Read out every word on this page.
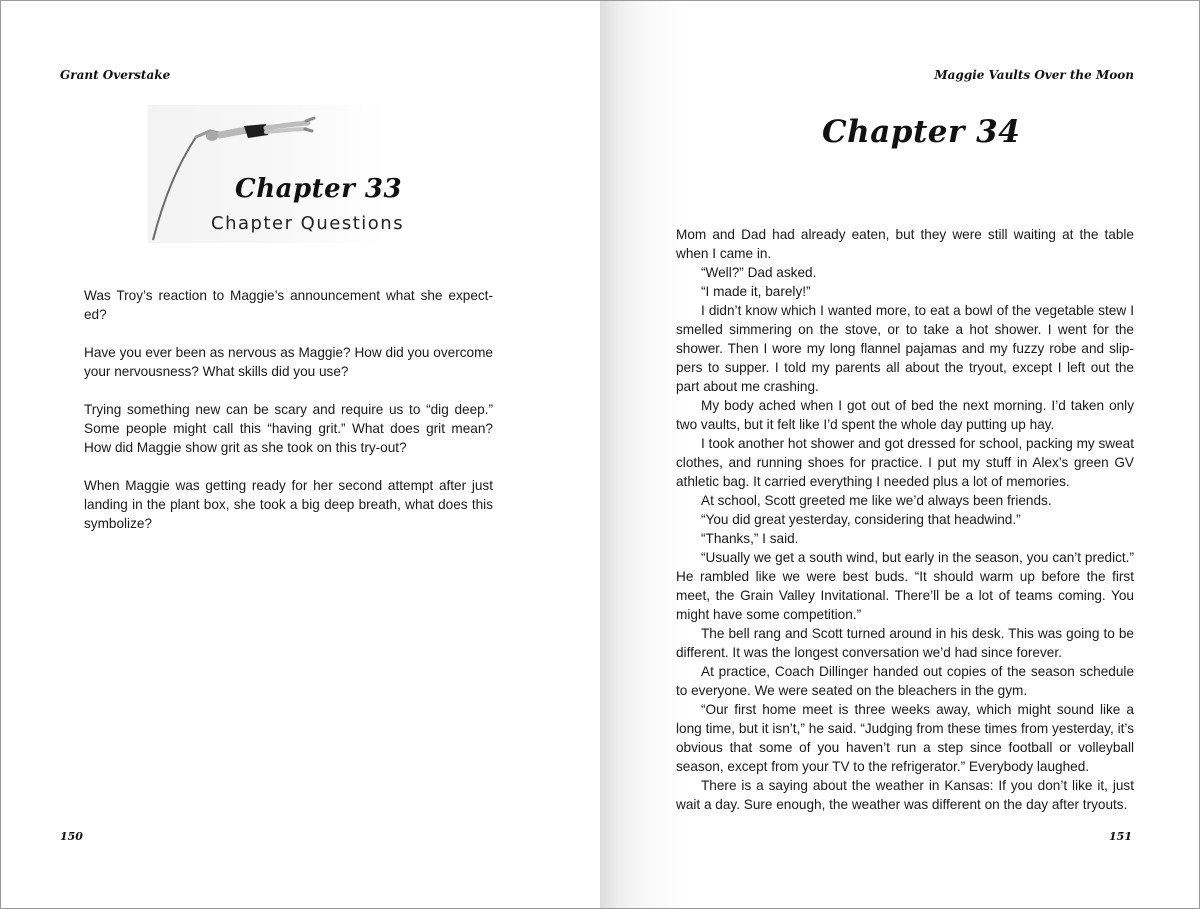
Grant Overstake
Chapter 33
Chapter Questions

Was Troy’s reaction to Maggie’s announcement what she expect-ed?

Have you ever been as nervous as Maggie? How did you overcome your nervousness? What skills did you use?

Trying something new can be scary and require us to “dig deep.” Some people might call this “having grit.” What does grit mean? How did Maggie show grit as she took on this try-out?

When Maggie was getting ready for her second attempt after just landing in the plant box, she took a big deep breath, what does this symbolize?

150
Maggie Vaults Over the Moon
Chapter 34

Mom and Dad had already eaten, but they were still waiting at the table when I came in.

“Well?” Dad asked.

“I made it, barely!”

I didn’t know which I wanted more, to eat a bowl of the vegetable stew I smelled simmering on the stove, or to take a hot shower. I went for the shower. Then I wore my long flannel pajamas and my fuzzy robe and slip-pers to supper. I told my parents all about the tryout, except I left out the part about me crashing.

My body ached when I got out of bed the next morning. I’d taken only two vaults, but it felt like I’d spent the whole day putting up hay.

I took another hot shower and got dressed for school, packing my sweat clothes, and running shoes for practice. I put my stuff in Alex’s green GV athletic bag. It carried everything I needed plus a lot of memories.

At school, Scott greeted me like we’d always been friends.

“You did great yesterday, considering that headwind.”

“Thanks,” I said.

“Usually we get a south wind, but early in the season, you can’t predict.” He rambled like we were best buds. “It should warm up before the first meet, the Grain Valley Invitational. There’ll be a lot of teams coming. You might have some competition.”

The bell rang and Scott turned around in his desk. This was going to be different. It was the longest conversation we’d had since forever.

At practice, Coach Dillinger handed out copies of the season schedule to everyone. We were seated on the bleachers in the gym.

“Our first home meet is three weeks away, which might sound like a long time, but it isn’t,” he said. “Judging from these times from yesterday, it’s obvious that some of you haven’t run a step since football or volleyball season, except from your TV to the refrigerator.” Everybody laughed.

There is a saying about the weather in Kansas: If you don’t like it, just wait a day. Sure enough, the weather was different on the day after tryouts.

151
